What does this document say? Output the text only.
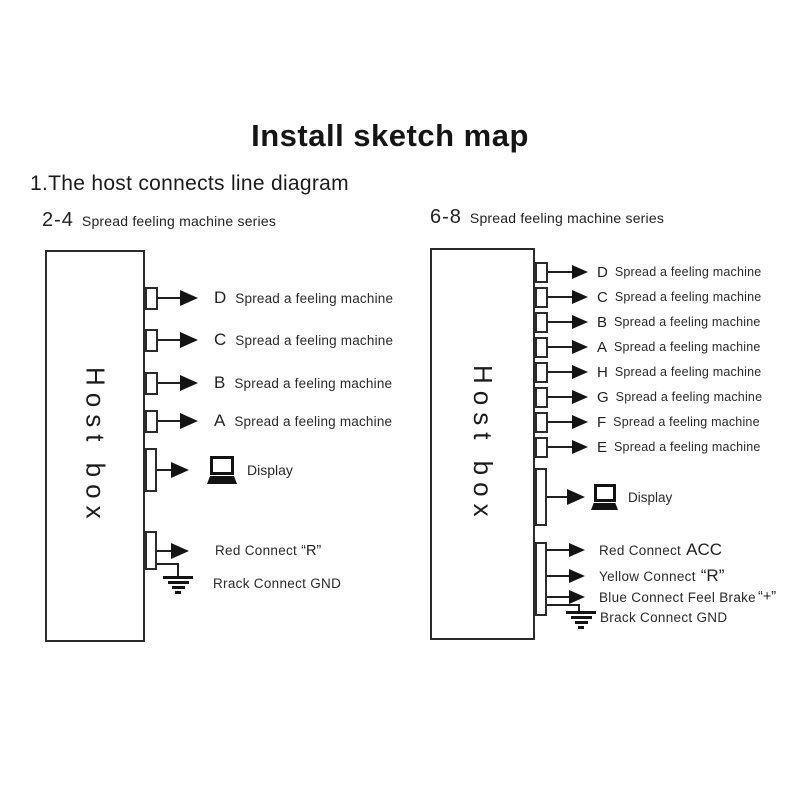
Install sketch map
1.The host connects line diagram
2-4 Spread feeling machine series
Host box
D Spread a feeling machine
C Spread a feeling machine
B Spread a feeling machine
A Spread a feeling machine
Display
Red Connect “R”
Rrack Connect GND
6-8 Spread feeling machine series
Host box
D Spread a feeling machine
C Spread a feeling machine
B Spread a feeling machine
A Spread a feeling machine
H Spread a feeling machine
G Spread a feeling machine
F Spread a feeling machine
E Spread a feeling machine
Display
Red Connect ACC
Yellow Connect “R”
Blue Connect Feel Brake “+”
Brack Connect GND
